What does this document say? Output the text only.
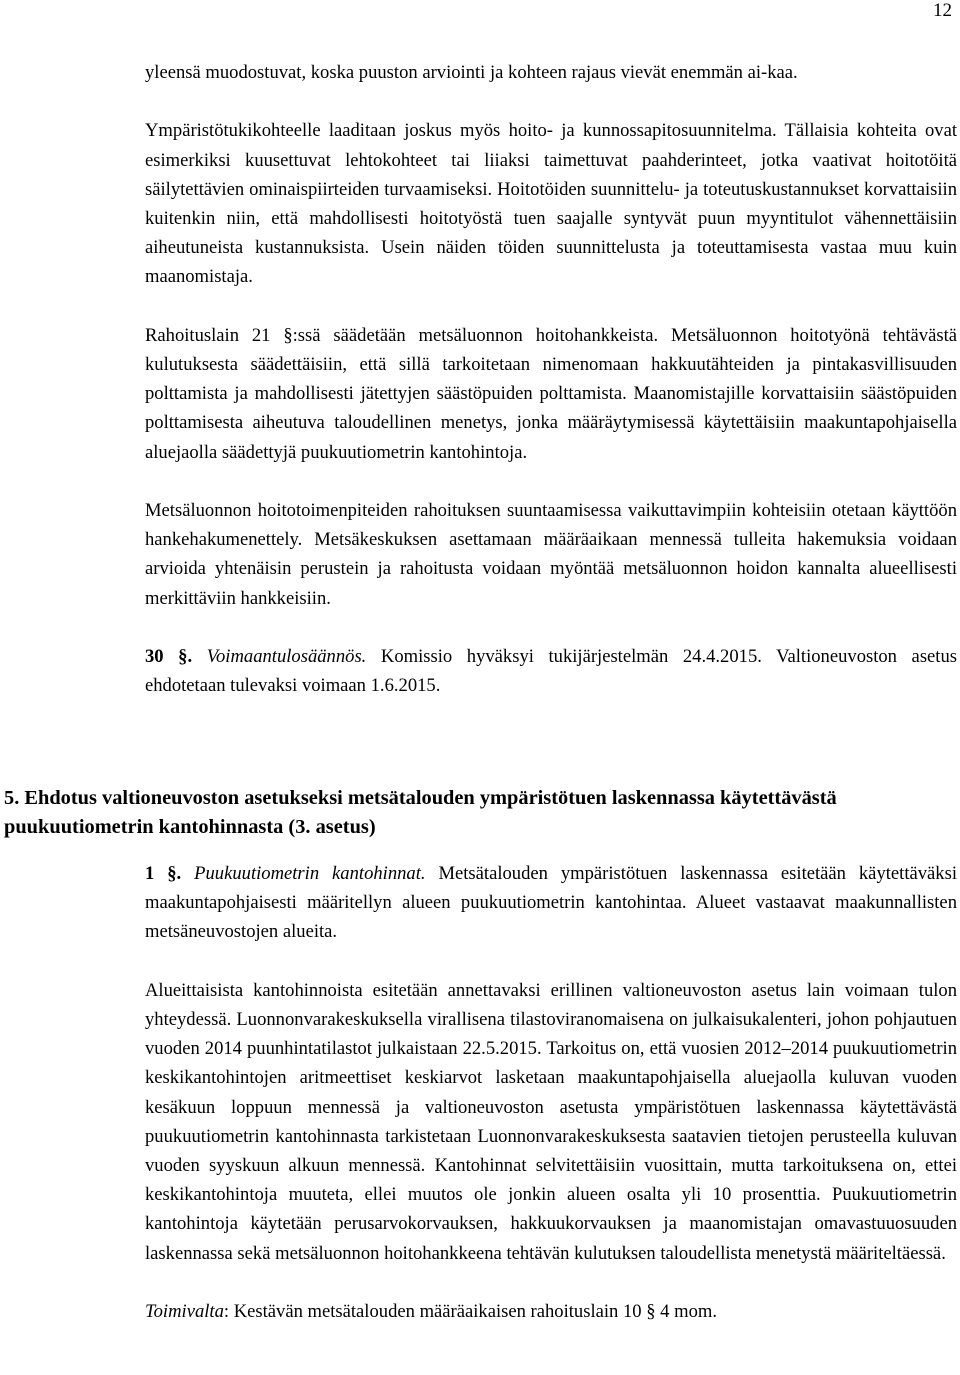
12

yleensä muodostuvat, koska puuston arviointi ja kohteen rajaus vievät enemmän ai-kaa.

Ympäristötukikohteelle laaditaan joskus myös hoito- ja kunnossapitosuunnitelma. Tällaisia kohteita ovat esimerkiksi kuusettuvat lehtokohteet tai liiaksi taimettuvat paahderinteet, jotka vaativat hoitotöitä säilytettävien ominaispiirteiden turvaamiseksi. Hoitotöiden suunnittelu- ja toteutuskustannukset korvattaisiin kuitenkin niin, että mahdollisesti hoitotyöstä tuen saajalle syntyvät puun myyntitulot vähennettäisiin aiheutuneista kustannuksista. Usein näiden töiden suunnittelusta ja toteuttamisesta vastaa muu kuin maanomistaja.

Rahoituslain 21 §:ssä säädetään metsäluonnon hoitohankkeista. Metsäluonnon hoitotyönä tehtävästä kulutuksesta säädettäisiin, että sillä tarkoitetaan nimenomaan hakkuutähteiden ja pintakasvillisuuden polttamista ja mahdollisesti jätettyjen säästöpuiden polttamista. Maanomistajille korvattaisiin säästöpuiden polttamisesta aiheutuva taloudellinen menetys, jonka määräytymisessä käytettäisiin maakuntapohjaisella aluejaolla säädettyjä puukuutiometrin kantohintoja.

Metsäluonnon hoitotoimenpiteiden rahoituksen suuntaamisessa vaikuttavimpiin kohteisiin otetaan käyttöön hankehakumenettely. Metsäkeskuksen asettamaan määräaikaan mennessä tulleita hakemuksia voidaan arvioida yhtenäisin perustein ja rahoitusta voidaan myöntää metsäluonnon hoidon kannalta alueellisesti merkittäviin hankkeisiin.

30 §. Voimaantulosäännös. Komissio hyväksyi tukijärjestelmän 24.4.2015. Valtioneuvoston asetus ehdotetaan tulevaksi voimaan 1.6.2015.

5. Ehdotus valtioneuvoston asetukseksi metsätalouden ympäristötuen laskennassa käytettävästä puukuutiometrin kantohinnasta (3. asetus)

1 §. Puukuutiometrin kantohinnat. Metsätalouden ympäristötuen laskennassa esitetään käytettäväksi maakuntapohjaisesti määritellyn alueen puukuutiometrin kantohintaa. Alueet vastaavat maakunnallisten metsäneuvostojen alueita.

Alueittaisista kantohinnoista esitetään annettavaksi erillinen valtioneuvoston asetus lain voimaan tulon yhteydessä. Luonnonvarakeskuksella virallisena tilastoviranomaisena on julkaisukalenteri, johon pohjautuen vuoden 2014 puunhintatilastot julkaistaan 22.5.2015. Tarkoitus on, että vuosien 2012–2014 puukuutiometrin keskikantohintojen aritmeettiset keskiarvot lasketaan maakuntapohjaisella aluejaolla kuluvan vuoden kesäkuun loppuun mennessä ja valtioneuvoston asetusta ympäristötuen laskennassa käytettävästä puukuutiometrin kantohinnasta tarkistetaan Luonnonvarakeskuksesta saatavien tietojen perusteella kuluvan vuoden syyskuun alkuun mennessä. Kantohinnat selvitettäisiin vuosittain, mutta tarkoituksena on, ettei keskikantohintoja muuteta, ellei muutos ole jonkin alueen osalta yli 10 prosenttia. Puukuutiometrin kantohintoja käytetään perusarvokorvauksen, hakkuukorvauksen ja maanomistajan omavastuuosuuden laskennassa sekä metsäluonnon hoitohankkeena tehtävän kulutuksen taloudellista menetystä määriteltäessä.

Toimivalta: Kestävän metsätalouden määräaikaisen rahoituslain 10 § 4 mom.
